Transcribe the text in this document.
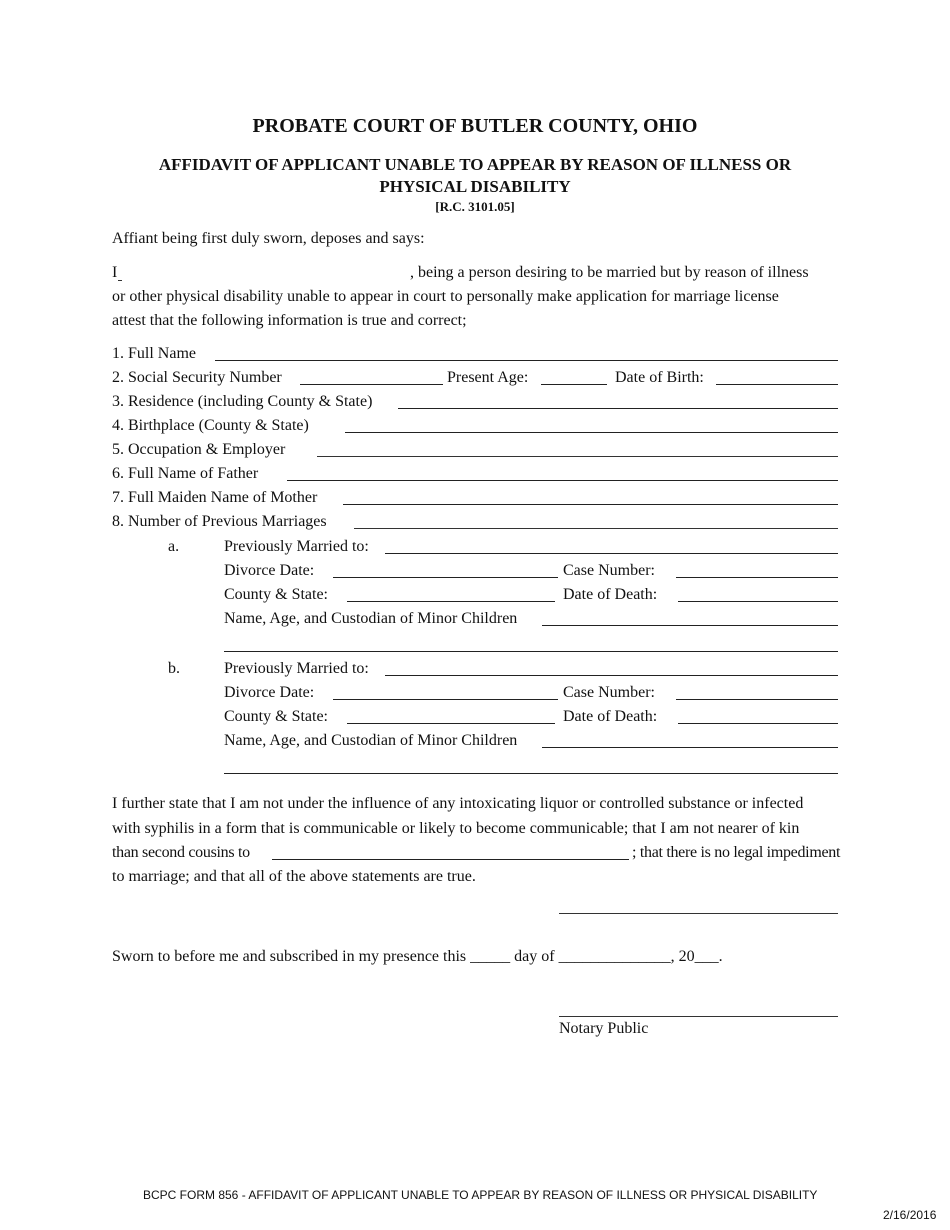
PROBATE COURT OF BUTLER COUNTY, OHIO
AFFIDAVIT OF APPLICANT UNABLE TO APPEAR BY REASON OF ILLNESS OR
PHYSICAL DISABILITY
[R.C. 3101.05]
Affiant being first duly sworn, deposes and says:
I	, being a person desiring to be married but by reason of illness
or other physical disability unable to appear in court to personally make application for marriage license
attest that the following information is true and correct;
1. Full Name
2. Social Security Number	Present Age:	Date of Birth:
3. Residence (including County & State)
4. Birthplace (County & State)
5. Occupation & Employer
6. Full Name of Father
7. Full Maiden Name of Mother
8. Number of Previous Marriages
a.	Previously Married to:
Divorce Date:	Case Number:
County & State:	Date of Death:
Name, Age, and Custodian of Minor Children
b.	Previously Married to:
Divorce Date:	Case Number:
County & State:	Date of Death:
Name, Age, and Custodian of Minor Children
I further state that I am not under the influence of any intoxicating liquor or controlled substance or infected
with syphilis in a form that is communicable or likely to become communicable; that I am not nearer of kin
than second cousins to	; that there is no legal impediment
to marriage; and that all of the above statements are true.
Sworn to before me and subscribed in my presence this _____ day of ______________, 20___.
Notary Public
BCPC FORM 856 - AFFIDAVIT OF APPLICANT UNABLE TO APPEAR BY REASON OF ILLNESS OR PHYSICAL DISABILITY
2/16/2016
